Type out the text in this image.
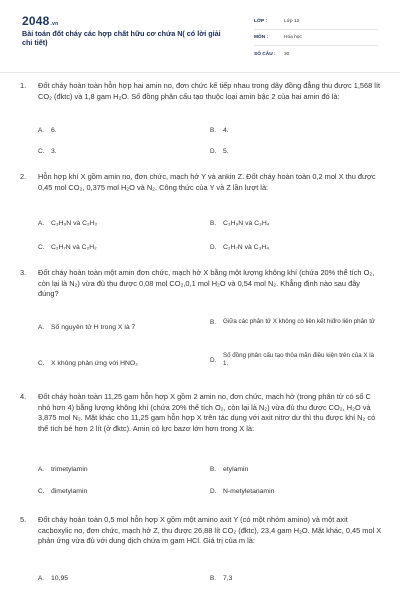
2048.vn
Bài toán đốt cháy các hợp chất hữu cơ chứa N( có lời giải chi tiết)
LỚP :	Lớp 12
MÔN :	Hóa học
SỐ CÂU :	30
1. Đốt cháy hoàn toàn hỗn hợp hai amin no, đơn chức kế tiếp nhau trong dãy đồng đẳng thu được 1,568 lít CO₂ (đktc) và 1,8 gam H₂O. Số đồng phân cấu tạo thuộc loại amin bậc 2 của hai amin đó là:
A.	6.	B.	4.
C. 3.	D. 5.
2. Hỗn hợp khí X gồm amin no, đơn chức, mạch hở Y và ankin Z. Đốt cháy hoàn toàn 0,2 mol X thu được 0,45 mol CO₂, 0,375 mol H₂O và N₂. Công thức của Y và Z lần lượt là:
A.	C₃H₉N và C₂H₂	B.	C₃H₉N và C₃H₄
C. C₂H₇N và C₂H₂	D. C₂H₇N và C₃H₄
3. Đốt cháy hoàn toàn một amin đơn chức, mạch hở X bằng một lượng không khí (chứa 20% thể tích O₂, còn lại là N₂) vừa đủ thu được 0,08 mol CO₂,0,1 mol H₂O và 0,54 mol N₂. Khẳng định nào sau đây đúng?
A.	Số nguyên tử H trong X là 7
B.	Giữa các phân tử X không có liên kết hiđro liên phân tử
C. X không phản ứng với HNO₂	D.
Số đồng phân cấu tạo thỏa mãn điều kiện trên của X là 1.
4. Đốt cháy hoàn toàn 11,25 gam hỗn hợp X gồm 2 amin no, đơn chức, mạch hở (trong phân tử có số C nhỏ hơn 4) bằng lượng không khí (chứa 20% thể tích O₂, còn lại là N₂) vừa đủ thu được CO₂, H₂O và 3,875 mol N₂. Mặt khác cho 11,25 gam hỗn hợp X trên tác dụng với axit nitrơ dư thì thu được khí N₂ có thể tích bé hơn 2 lít (ở đktc). Amin có lực bazơ lớn hơn trong X là:
A.	trimetylamin	B.	etylamin
C. đimetylamin	D. N-metyletanamin
5. Đốt cháy hoàn toàn 0,5 mol hỗn hợp X gồm một amino axit Y (có một nhóm amino) và một axit cacboxylic no, đơn chức, mạch hở Z, thu được 26,88 lít CO₂ (đktc), 23,4 gam H₂O. Mặt khác, 0,45 mol X phản ứng vừa đủ với dung dịch chứa m gam HCl. Giá trị của m là:
A.	10,95	B.	7,3
